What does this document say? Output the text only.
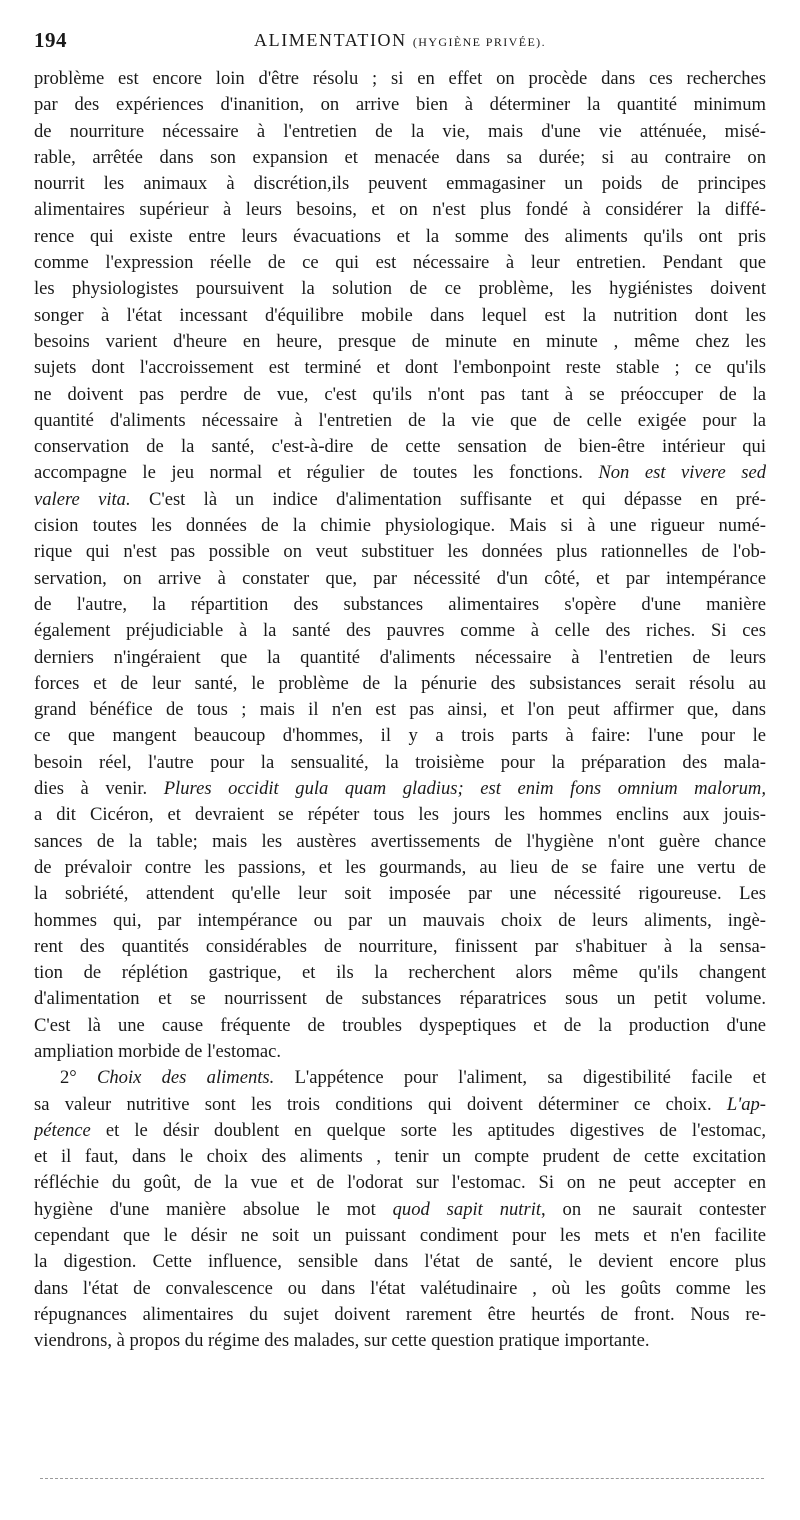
194	ALIMENTATION (HYGIÈNE PRIVÉE).
problème est encore loin d'être résolu ; si en effet on procède dans ces recherches
par des expériences d'inanition, on arrive bien à déterminer la quantité minimum
de nourriture nécessaire à l'entretien de la vie, mais d'une vie atténuée, misé-
rable, arrêtée dans son expansion et menacée dans sa durée; si au contraire on
nourrit les animaux à discrétion,ils peuvent emmagasiner un poids de principes
alimentaires supérieur à leurs besoins, et on n'est plus fondé à considérer la diffé-
rence qui existe entre leurs évacuations et la somme des aliments qu'ils ont pris
comme l'expression réelle de ce qui est nécessaire à leur entretien. Pendant que
les physiologistes poursuivent la solution de ce problème, les hygiénistes doivent
songer à l'état incessant d'équilibre mobile dans lequel est la nutrition dont les
besoins varient d'heure en heure, presque de minute en minute , même chez les
sujets dont l'accroissement est terminé et dont l'embonpoint reste stable ; ce qu'ils
ne doivent pas perdre de vue, c'est qu'ils n'ont pas tant à se préoccuper de la
quantité d'aliments nécessaire à l'entretien de la vie que de celle exigée pour la
conservation de la santé, c'est-à-dire de cette sensation de bien-être intérieur qui
accompagne le jeu normal et régulier de toutes les fonctions. Non est vivere sed
valere vita. C'est là un indice d'alimentation suffisante et qui dépasse en pré-
cision toutes les données de la chimie physiologique. Mais si à une rigueur numé-
rique qui n'est pas possible on veut substituer les données plus rationnelles de l'ob-
servation, on arrive à constater que, par nécessité d'un côté, et par intempérance
de l'autre, la répartition des substances alimentaires s'opère d'une manière
également préjudiciable à la santé des pauvres comme à celle des riches. Si ces
derniers n'ingéraient que la quantité d'aliments nécessaire à l'entretien de leurs
forces et de leur santé, le problème de la pénurie des subsistances serait résolu au
grand bénéfice de tous ; mais il n'en est pas ainsi, et l'on peut affirmer que, dans
ce que mangent beaucoup d'hommes, il y a trois parts à faire: l'une pour le
besoin réel, l'autre pour la sensualité, la troisième pour la préparation des mala-
dies à venir. Plures occidit gula quam gladius; est enim fons omnium malorum,
a dit Cicéron, et devraient se répéter tous les jours les hommes enclins aux jouis-
sances de la table; mais les austères avertissements de l'hygiène n'ont guère chance
de prévaloir contre les passions, et les gourmands, au lieu de se faire une vertu de
la sobriété, attendent qu'elle leur soit imposée par une nécessité rigoureuse. Les
hommes qui, par intempérance ou par un mauvais choix de leurs aliments, ingè-
rent des quantités considérables de nourriture, finissent par s'habituer à la sensa-
tion de réplétion gastrique, et ils la recherchent alors même qu'ils changent
d'alimentation et se nourrissent de substances réparatrices sous un petit volume.
C'est là une cause fréquente de troubles dyspeptiques et de la production d'une
ampliation morbide de l'estomac.
2° Choix des aliments. L'appétence pour l'aliment, sa digestibilité facile et
sa valeur nutritive sont les trois conditions qui doivent déterminer ce choix. L'ap-
pétence et le désir doublent en quelque sorte les aptitudes digestives de l'estomac,
et il faut, dans le choix des aliments , tenir un compte prudent de cette excitation
réfléchie du goût, de la vue et de l'odorat sur l'estomac. Si on ne peut accepter en
hygiène d'une manière absolue le mot quod sapit nutrit, on ne saurait contester
cependant que le désir ne soit un puissant condiment pour les mets et n'en facilite
la digestion. Cette influence, sensible dans l'état de santé, le devient encore plus
dans l'état de convalescence ou dans l'état valétudinaire , où les goûts comme les
répugnances alimentaires du sujet doivent rarement être heurtés de front. Nous re-
viendrons, à propos du régime des malades, sur cette question pratique importante.
